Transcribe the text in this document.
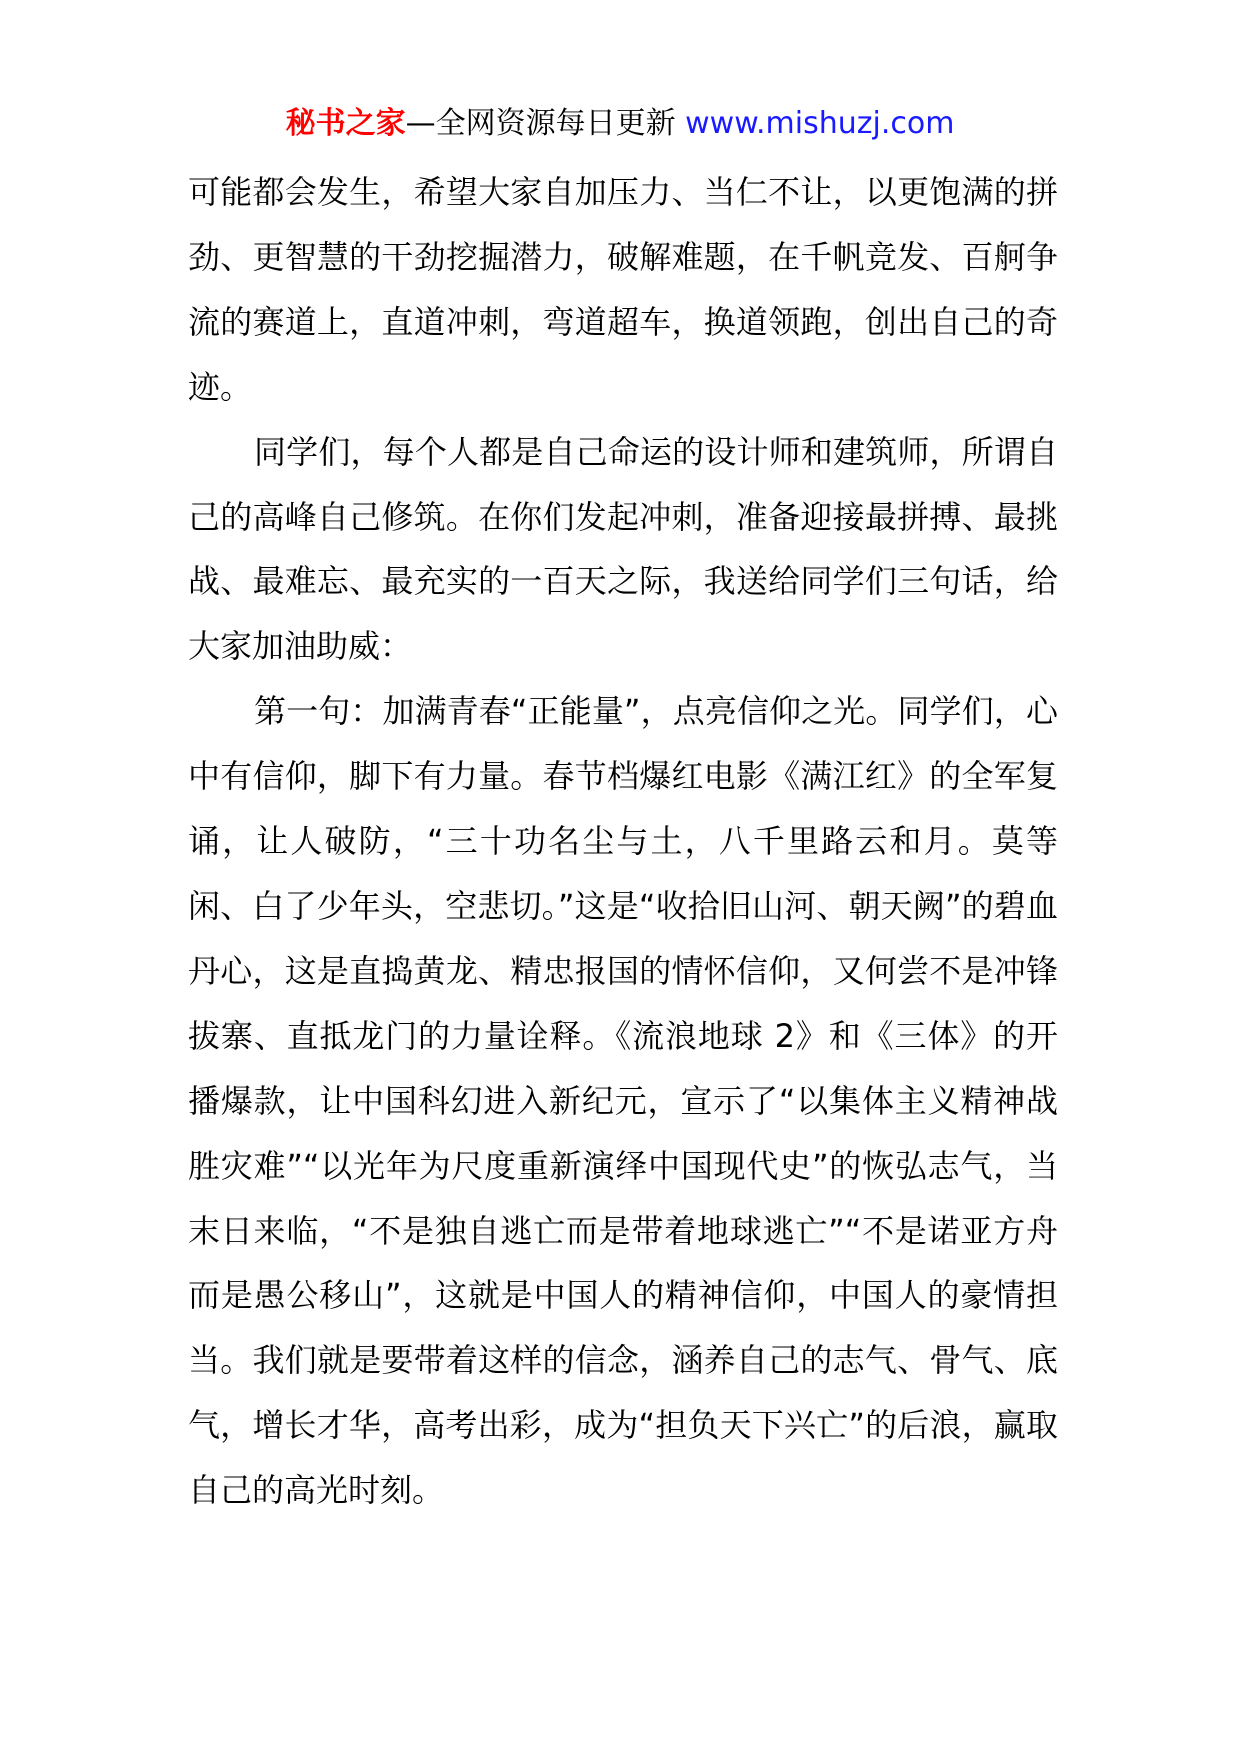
秘书之家—全网资源每日更新 www.mishuzj.com

可能都会发生，希望大家自加压力、当仁不让，以更饱满的拼劲、更智慧的干劲挖掘潜力，破解难题，在千帆竞发、百舸争流的赛道上，直道冲刺，弯道超车，换道领跑，创出自己的奇迹。

同学们，每个人都是自己命运的设计师和建筑师，所谓自己的高峰自己修筑。在你们发起冲刺，准备迎接最拼搏、最挑战、最难忘、最充实的一百天之际，我送给同学们三句话，给大家加油助威：

第一句：加满青春“正能量”，点亮信仰之光。同学们，心中有信仰，脚下有力量。春节档爆红电影《满江红》的全军复诵，让人破防，“三十功名尘与土，八千里路云和月。莫等闲、白了少年头，空悲切。”这是“收拾旧山河、朝天阙”的碧血丹心，这是直捣黄龙、精忠报国的情怀信仰，又何尝不是冲锋拔寨、直抵龙门的力量诠释。《流浪地球 2》和《三体》的开播爆款，让中国科幻进入新纪元，宣示了“以集体主义精神战胜灾难”“以光年为尺度重新演绎中国现代史”的恢弘志气，当末日来临，“不是独自逃亡而是带着地球逃亡”“不是诺亚方舟而是愚公移山”，这就是中国人的精神信仰，中国人的豪情担当。我们就是要带着这样的信念，涵养自己的志气、骨气、底气，增长才华，高考出彩，成为“担负天下兴亡”的后浪，赢取自己的高光时刻。
